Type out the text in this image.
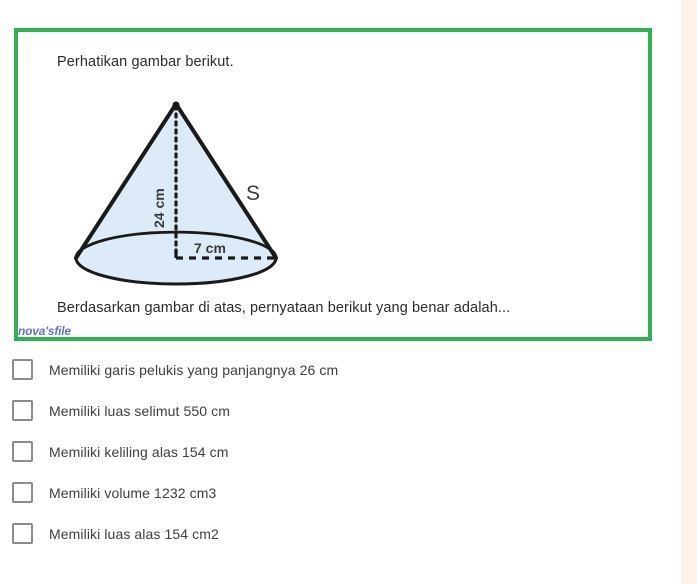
Perhatikan gambar berikut.
24 cm
7 cm
S
Berdasarkan gambar di atas, pernyataan berikut yang benar adalah...
nova'sfile
Memiliki garis pelukis yang panjangnya 26 cm
Memiliki luas selimut 550 cm
Memiliki keliling alas 154 cm
Memiliki volume 1232 cm3
Memiliki luas alas 154 cm2
